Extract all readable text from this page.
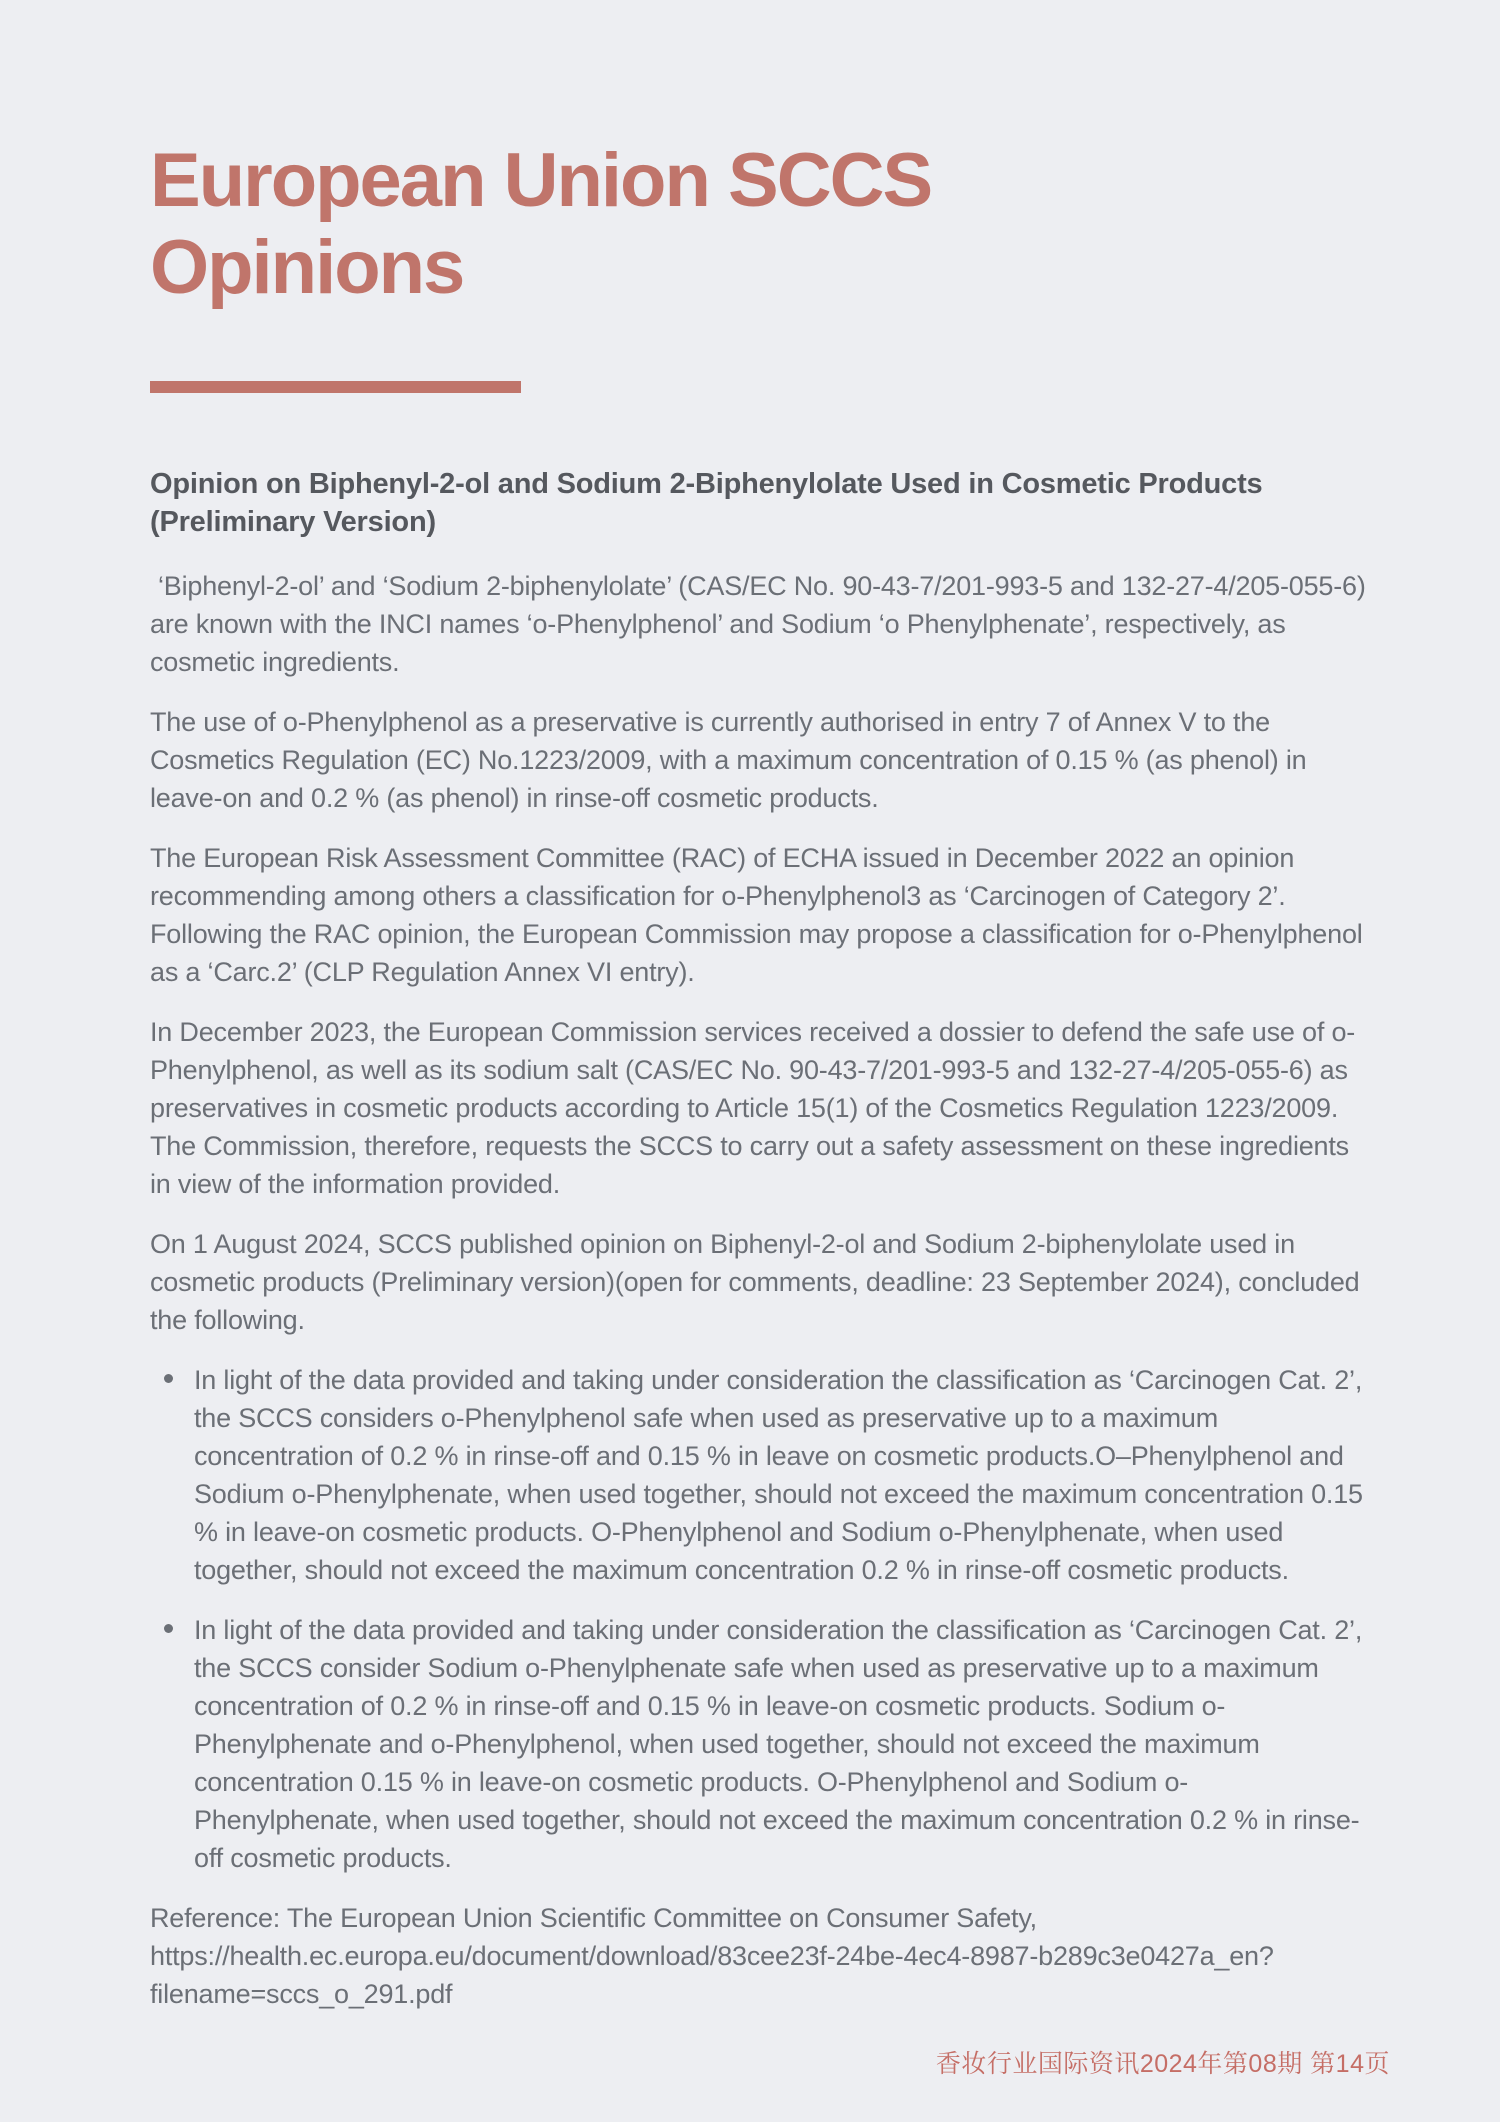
European Union SCCS Opinions
Opinion on Biphenyl-2-ol and Sodium 2-Biphenylolate Used in Cosmetic Products (Preliminary Version)

‘Biphenyl-2-ol’ and ‘Sodium 2-biphenylolate’ (CAS/EC No. 90-43-7/201-993-5 and 132-27-4/205-055-6) are known with the INCI names ‘o-Phenylphenol’ and Sodium ‘o Phenylphenate’, respectively, as cosmetic ingredients.

The use of o-Phenylphenol as a preservative is currently authorised in entry 7 of Annex V to the Cosmetics Regulation (EC) No.1223/2009, with a maximum concentration of 0.15 % (as phenol) in leave-on and 0.2 % (as phenol) in rinse-off cosmetic products.

The European Risk Assessment Committee (RAC) of ECHA issued in December 2022 an opinion recommending among others a classification for o-Phenylphenol3 as ‘Carcinogen of Category 2’. Following the RAC opinion, the European Commission may propose a classification for o-Phenylphenol as a ‘Carc.2’ (CLP Regulation Annex VI entry).

In December 2023, the European Commission services received a dossier to defend the safe use of o-Phenylphenol, as well as its sodium salt (CAS/EC No. 90-43-7/201-993-5 and 132-27-4/205-055-6) as preservatives in cosmetic products according to Article 15(1) of the Cosmetics Regulation 1223/2009. The Commission, therefore, requests the SCCS to carry out a safety assessment on these ingredients in view of the information provided.

On 1 August 2024, SCCS published opinion on Biphenyl-2-ol and Sodium 2-biphenylolate used in cosmetic products (Preliminary version)(open for comments, deadline: 23 September 2024), concluded the following.

In light of the data provided and taking under consideration the classification as ‘Carcinogen Cat. 2’, the SCCS considers o-Phenylphenol safe when used as preservative up to a maximum concentration of 0.2 % in rinse-off and 0.15 % in leave on cosmetic products.O–Phenylphenol and Sodium o-Phenylphenate, when used together, should not exceed the maximum concentration 0.15 % in leave-on cosmetic products. O-Phenylphenol and Sodium o-Phenylphenate, when used together, should not exceed the maximum concentration 0.2 % in rinse-off cosmetic products.
In light of the data provided and taking under consideration the classification as ‘Carcinogen Cat. 2’, the SCCS consider Sodium o-Phenylphenate safe when used as preservative up to a maximum concentration of 0.2 % in rinse-off and 0.15 % in leave-on cosmetic products. Sodium o-Phenylphenate and o-Phenylphenol, when used together, should not exceed the maximum concentration 0.15 % in leave-on cosmetic products. O-Phenylphenol and Sodium o-Phenylphenate, when used together, should not exceed the maximum concentration 0.2 % in rinse-off cosmetic products.

Reference: The European Union Scientific Committee on Consumer Safety, https://health.ec.europa.eu/document/download/83cee23f-24be-4ec4-8987-b289c3e0427a_en?filename=sccs_o_291.pdf

香妆行业国际资讯2024年第08期 第14页
